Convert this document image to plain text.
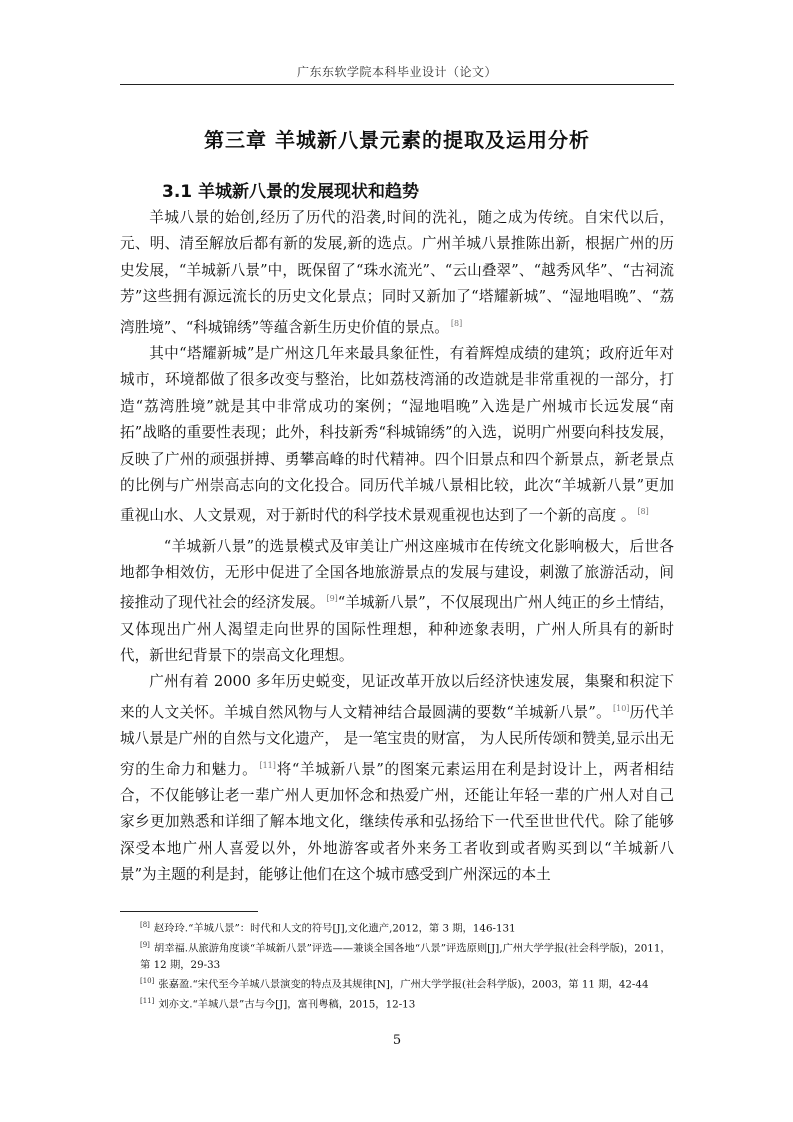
广东东软学院本科毕业设计（论文）
第三章 羊城新八景元素的提取及运用分析
3.1 羊城新八景的发展现状和趋势

羊城八景的始创,经历了历代的沿袭,时间的洗礼，随之成为传统。自宋代以后，元、明、清至解放后都有新的发展,新的选点。广州羊城八景推陈出新，根据广州的历史发展，“羊城新八景”中，既保留了“珠水流光”、“云山叠翠”、“越秀风华”、“古祠流芳”这些拥有源远流长的历史文化景点；同时又新加了“塔耀新城”、“湿地唱晚”、“荔湾胜境”、“科城锦绣”等蕴含新生历史价值的景点。 [8]

其中“塔耀新城”是广州这几年来最具象征性，有着辉煌成绩的建筑；政府近年对城市，环境都做了很多改变与整治，比如荔枝湾涌的改造就是非常重视的一部分，打造“荔湾胜境”就是其中非常成功的案例；“湿地唱晚”入选是广州城市长远发展“南拓”战略的重要性表现；此外，科技新秀“科城锦绣”的入选，说明广州要向科技发展，反映了广州的顽强拼搏、勇攀高峰的时代精神。四个旧景点和四个新景点，新老景点的比例与广州崇高志向的文化投合。同历代羊城八景相比较，此次“羊城新八景”更加重视山水、人文景观，对于新时代的科学技术景观重视也达到了一个新的高度 。 [8]

“羊城新八景”的选景模式及审美让广州这座城市在传统文化影响极大，后世各地都争相效仿，无形中促进了全国各地旅游景点的发展与建设，刺激了旅游活动，间接推动了现代社会的经济发展。 [9]“羊城新八景”，不仅展现出广州人纯正的乡土情结，又体现出广州人渴望走向世界的国际性理想，种种迹象表明，广州人所具有的新时代，新世纪背景下的崇高文化理想。

广州有着 2000 多年历史蜕变，见证改革开放以后经济快速发展，集聚和积淀下来的人文关怀。羊城自然风物与人文精神结合最圆满的要数“羊城新八景”。 [10]历代羊城八景是广州的自然与文化遗产， 是一笔宝贵的财富， 为人民所传颂和赞美,显示出无穷的生命力和魅力。 [11]将“羊城新八景”的图案元素运用在利是封设计上，两者相结合，不仅能够让老一辈广州人更加怀念和热爱广州，还能让年轻一辈的广州人对自己家乡更加熟悉和详细了解本地文化，继续传承和弘扬给下一代至世世代代。除了能够深受本地广州人喜爱以外，外地游客或者外来务工者收到或者购买到以“羊城新八景”为主题的利是封，能够让他们在这个城市感受到广州深远的本土

[8] 赵玲玲.“羊城八景”：时代和人文的符号[J],文化遗产,2012，第 3 期，146-131

[9] 胡幸福.从旅游角度谈“羊城新八景”评选——兼谈全国各地“八景”评选原则[J],广州大学学报(社会科学版)，2011，第 12 期，29-33

[10] 张嘉盈.“宋代至今羊城八景演变的特点及其规律[N]，广州大学学报(社会科学版)，2003，第 11 期，42-44

[11] 刘亦文.“羊城八景”古与今[J]，富刊粤稿，2015，12-13

5
